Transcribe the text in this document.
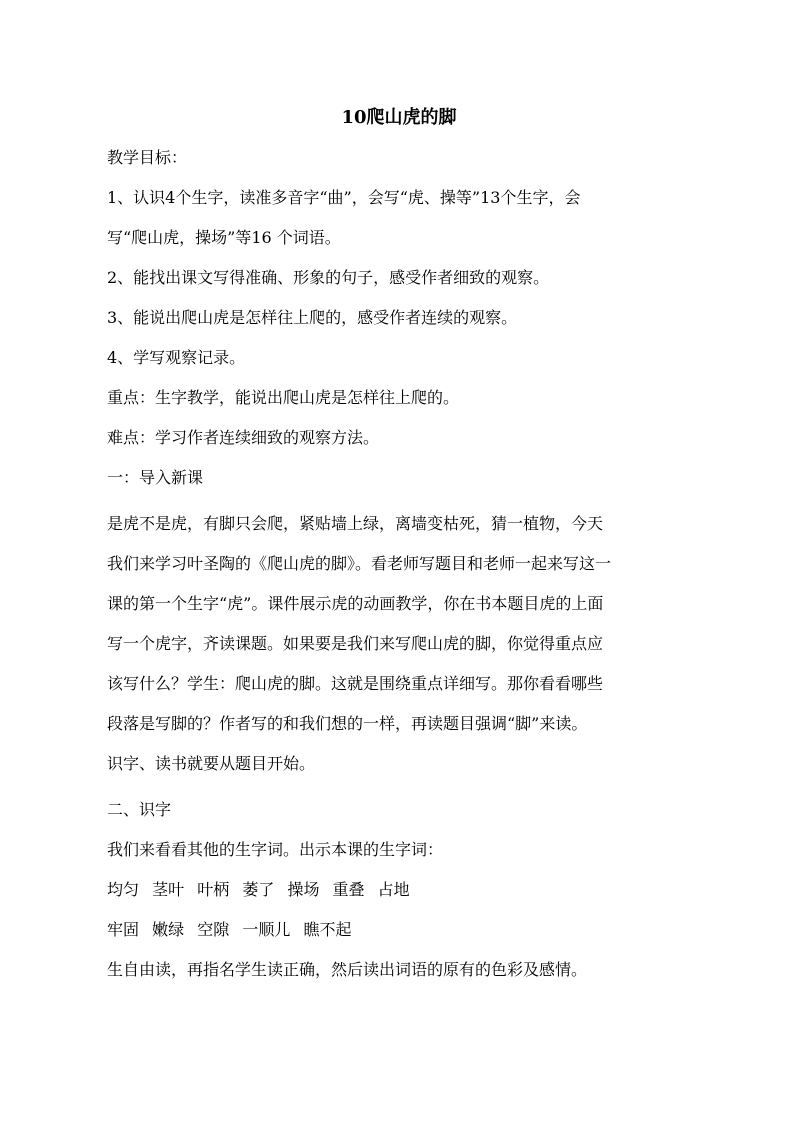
10爬山虎的脚
教学目标：
1、认识4个生字，读准多音字“曲”，会写“虎、操等”13个生字，会
写“爬山虎，操场”等16 个词语。
2、能找出课文写得准确、形象的句子，感受作者细致的观察。
3、能说出爬山虎是怎样往上爬的，感受作者连续的观察。
4、学写观察记录。
重点：生字教学，能说出爬山虎是怎样往上爬的。
难点：学习作者连续细致的观察方法。
一：导入新课
是虎不是虎，有脚只会爬，紧贴墙上绿，离墙变枯死，猜一植物，今天
我们来学习叶圣陶的《爬山虎的脚》。看老师写题目和老师一起来写这一
课的第一个生字“虎”。课件展示虎的动画教学，你在书本题目虎的上面
写一个虎字，齐读课题。如果要是我们来写爬山虎的脚，你觉得重点应
该写什么？学生：爬山虎的脚。这就是围绕重点详细写。那你看看哪些
段落是写脚的？作者写的和我们想的一样，再读题目强调“脚”来读。
识字、读书就要从题目开始。
二、识字
我们来看看其他的生字词。出示本课的生字词：
均匀 茎叶 叶柄 萎了 操场 重叠 占地
牢固 嫩绿 空隙 一顺儿 瞧不起
生自由读，再指名学生读正确，然后读出词语的原有的色彩及感情。
